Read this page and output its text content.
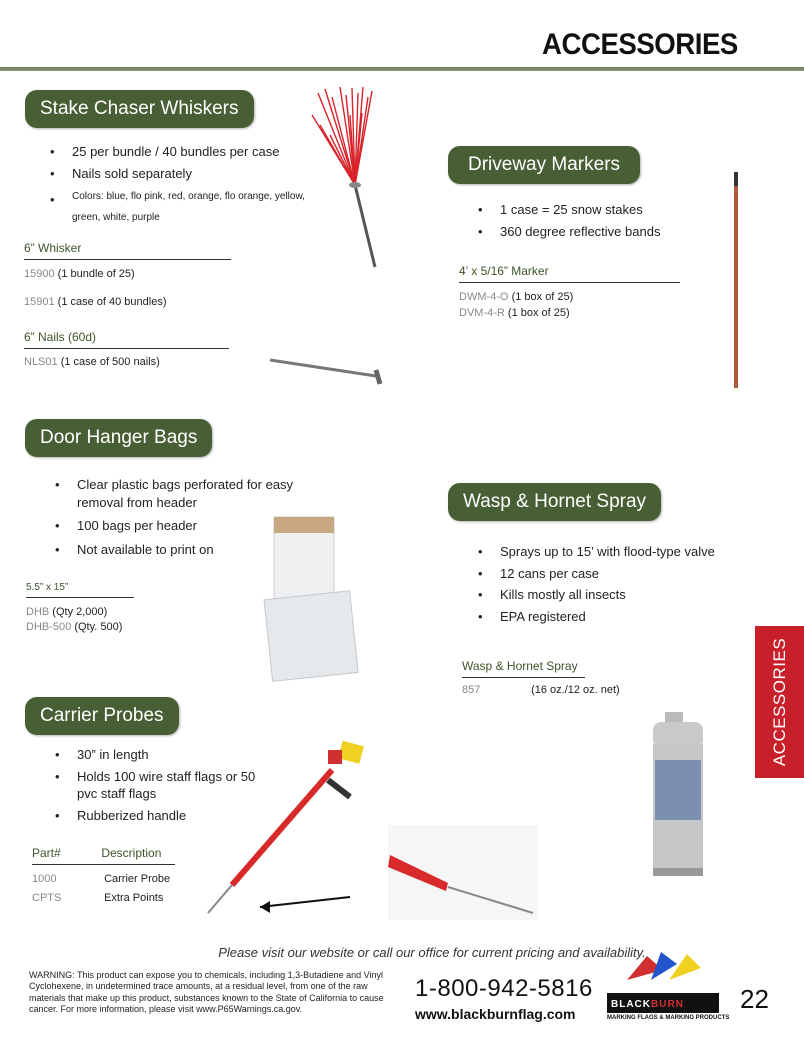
ACCESSORIES
ACCESSORIES
Stake Chaser Whiskers
• 25 per bundle / 40 bundles per case
• Nails sold separately
• Colors: blue, flo pink, red, orange, flo orange, yellow, green, white, purple
6” Whisker
15900 (1 bundle of 25)
15901 (1 case of 40 bundles)
6” Nails (60d)
NLS01 (1 case of 500 nails)
Driveway Markers
• 1 case = 25 snow stakes
• 360 degree reflective bands
4’ x 5/16” Marker
DWM-4-O (1 box of 25)
DVM-4-R (1 box of 25)
Door Hanger Bags
• Clear plastic bags perforated for easy removal from header
• 100 bags per header
• Not available to print on
5.5” x 15”
DHB (Qty 2,000)
DHB-500 (Qty. 500)
Wasp & Hornet Spray
• Sprays up to 15’ with flood-type valve
• 12 cans per case
• Kills mostly all insects
• EPA registered
Wasp & Hornet Spray
857	(16 oz./12 oz. net)
Carrier Probes
• 30” in length
• Holds 100 wire staff flags or 50 pvc staff flags
• Rubberized handle
Part#	Description
1000	Carrier Probe
CPTS	Extra Points
Please visit our website or call our office for current pricing and availability.
WARNING: This product can expose you to chemicals, including 1,3-Butadiene and Vinyl Cyclohexene, in undetermined trace amounts, at a residual level, from one of the raw materials that make up this product, substances known to the State of California to cause cancer. For more information, please visit www.P65Warnings.ca.gov.
1-800-942-5816
www.blackburnflag.com
BLACKBURN
MARKING FLAGS & MARKING PRODUCTS
22
